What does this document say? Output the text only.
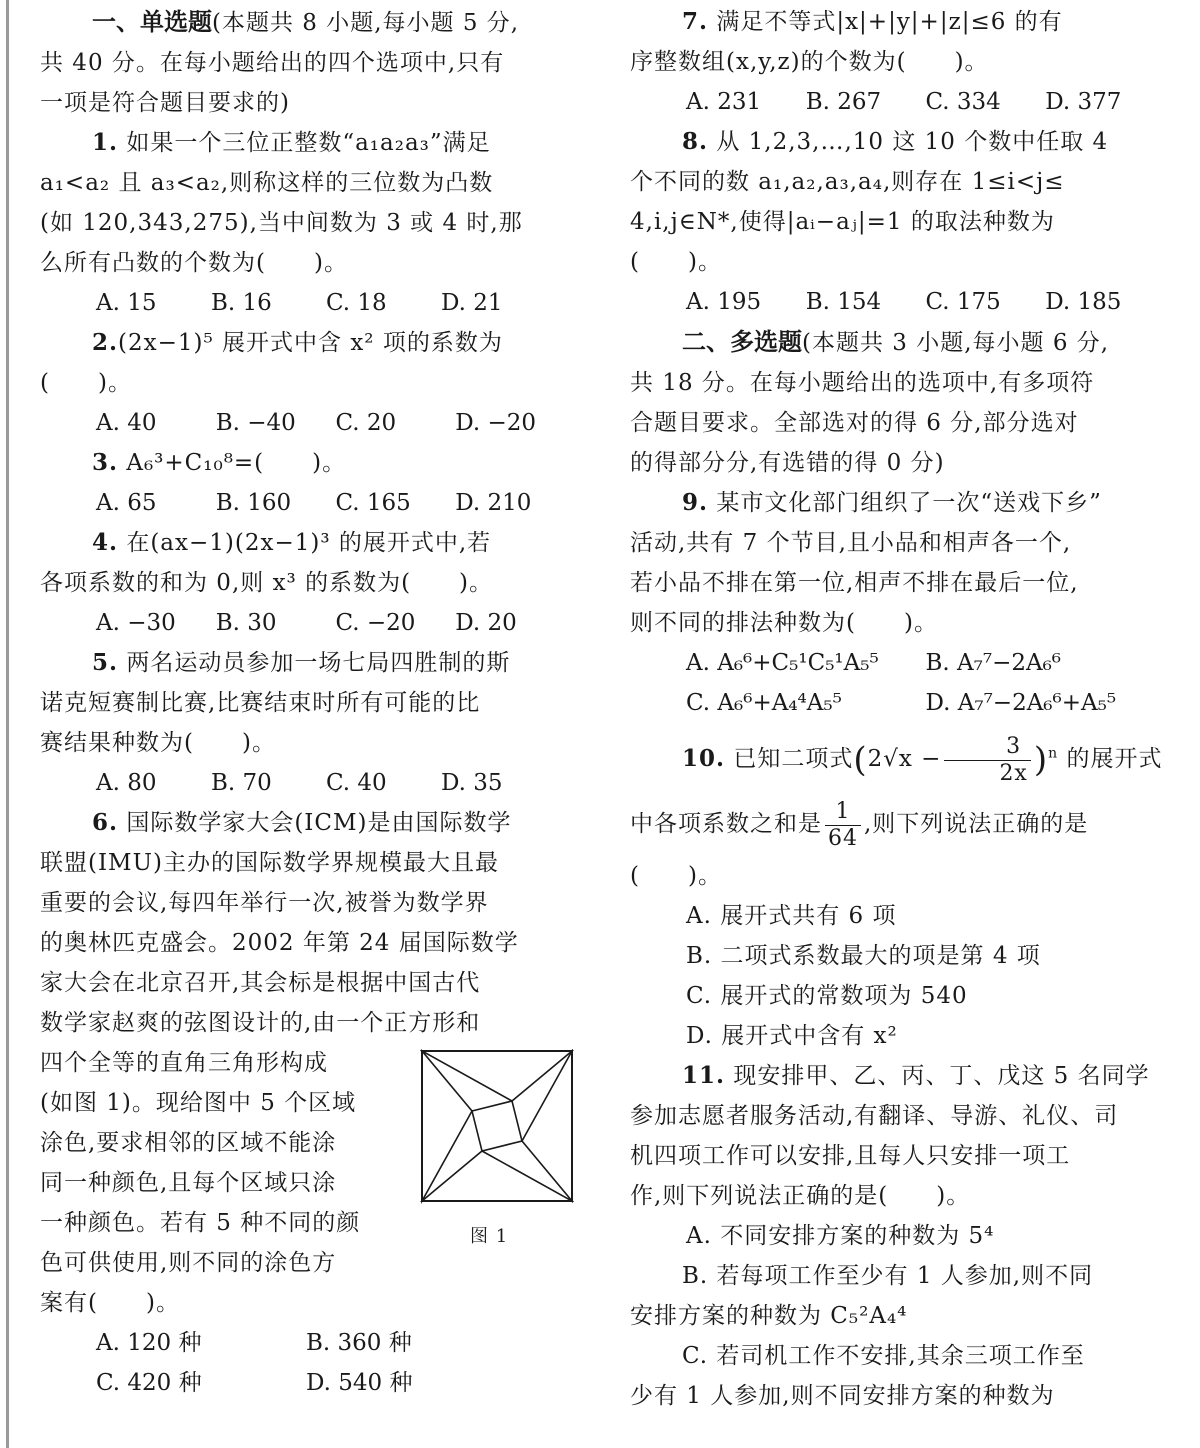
一、单选题(本题共 8 小题,每小题 5 分,
共 40 分。在每小题给出的四个选项中,只有
一项是符合题目要求的)
1. 如果一个三位正整数“a₁a₂a₃”满足
a₁<a₂ 且 a₃<a₂,则称这样的三位数为凸数
(如 120,343,275),当中间数为 3 或 4 时,那
么所有凸数的个数为(　　)。
A. 15	B. 16	C. 18	D. 21
2.(2x−1)⁵ 展开式中含 x² 项的系数为
(　　)。
A. 40	B. −40	C. 20	D. −20
3. A₆³+C₁₀⁸=(　　)。
A. 65	B. 160	C. 165	D. 210
4. 在(ax−1)(2x−1)³ 的展开式中,若
各项系数的和为 0,则 x³ 的系数为(　　)。
A. −30	B. 30	C. −20	D. 20
5. 两名运动员参加一场七局四胜制的斯
诺克短赛制比赛,比赛结束时所有可能的比
赛结果种数为(　　)。
A. 80	B. 70	C. 40	D. 35
6. 国际数学家大会(ICM)是由国际数学
联盟(IMU)主办的国际数学界规模最大且最
重要的会议,每四年举行一次,被誉为数学界
的奥林匹克盛会。2002 年第 24 届国际数学
家大会在北京召开,其会标是根据中国古代
数学家赵爽的弦图设计的,由一个正方形和
图 1
四个全等的直角三角形构成
(如图 1)。现给图中 5 个区域
涂色,要求相邻的区域不能涂
同一种颜色,且每个区域只涂
一种颜色。若有 5 种不同的颜
色可供使用,则不同的涂色方
案有(　　)。
A. 120 种	B. 360 种
C. 420 种	D. 540 种
7. 满足不等式|x|+|y|+|z|≤6 的有
序整数组(x,y,z)的个数为(　　)。
A. 231	B. 267	C. 334	D. 377
8. 从 1,2,3,…,10 这 10 个数中任取 4
个不同的数 a₁,a₂,a₃,a₄,则存在 1≤i<j≤
4,i,j∈N*,使得|aᵢ−aⱼ|=1 的取法种数为
(　　)。
A. 195	B. 154	C. 175	D. 185
二、多选题(本题共 3 小题,每小题 6 分,
共 18 分。在每小题给出的选项中,有多项符
合题目要求。全部选对的得 6 分,部分选对
的得部分分,有选错的得 0 分)
9. 某市文化部门组织了一次“送戏下乡”
活动,共有 7 个节目,且小品和相声各一个,
若小品不排在第一位,相声不排在最后一位,
则不同的排法种数为(　　)。
A. A₆⁶+C₅¹C₅¹A₅⁵	B. A₇⁷−2A₆⁶
C. A₆⁶+A₄⁴A₅⁵	D. A₇⁷−2A₆⁶+A₅⁵
10. 已知二项式$(2√x - \frac{3}{2x} )^n$ 的展开式
中各项系数之和是 $\frac{1}{64}$ ,则下列说法正确的是
(　　)。
A. 展开式共有 6 项
B. 二项式系数最大的项是第 4 项
C. 展开式的常数项为 540
D. 展开式中含有 x²
11. 现安排甲、乙、丙、丁、戊这 5 名同学
参加志愿者服务活动,有翻译、导游、礼仪、司
机四项工作可以安排,且每人只安排一项工
作,则下列说法正确的是(　　)。
A. 不同安排方案的种数为 5⁴
B. 若每项工作至少有 1 人参加,则不同
安排方案的种数为 C₅²A₄⁴
C. 若司机工作不安排,其余三项工作至
少有 1 人参加,则不同安排方案的种数为
